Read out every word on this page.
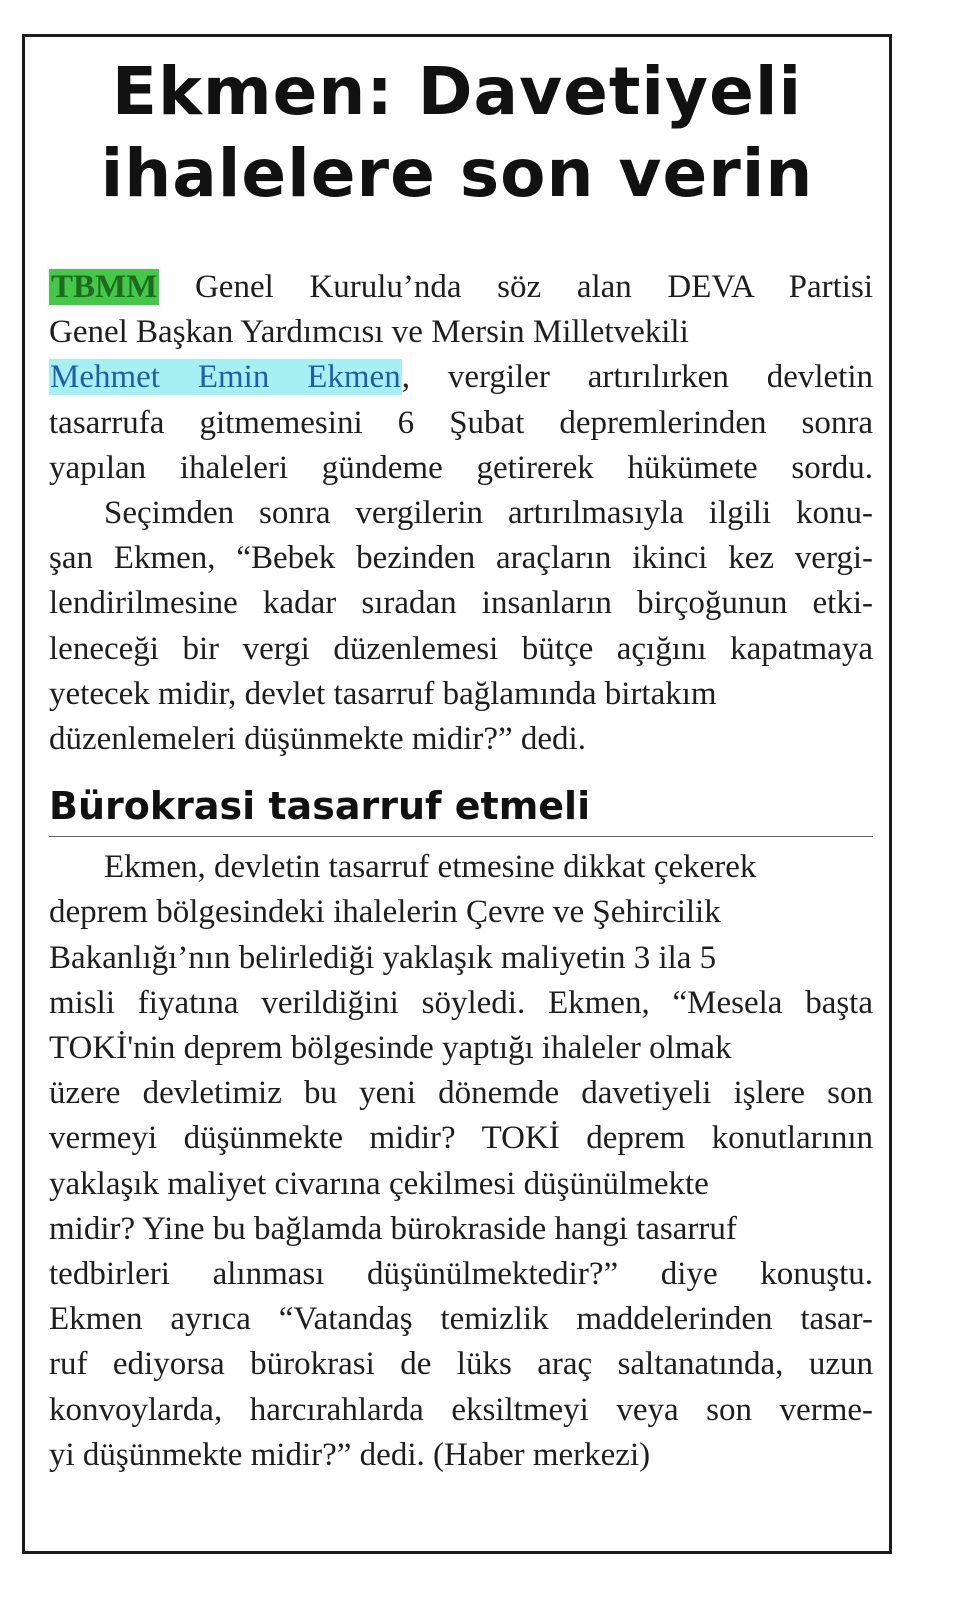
Ekmen: Davetiyeli
ihalelere son verin
TBMM Genel Kurulu’nda söz alan DEVA Partisi
Genel Başkan Yardımcısı ve Mersin Milletvekili
Mehmet Emin Ekmen, vergiler artırılırken devletin
tasarrufa gitmemesini 6 Şubat depremlerinden sonra
yapılan ihaleleri gündeme getirerek hükümete sordu.
Seçimden sonra vergilerin artırılmasıyla ilgili konu-
şan Ekmen, “Bebek bezinden araçların ikinci kez vergi-
lendirilmesine kadar sıradan insanların birçoğunun etki-
leneceği bir vergi düzenlemesi bütçe açığını kapatmaya
yetecek midir, devlet tasarruf bağlamında birtakım
düzenlemeleri düşünmekte midir?” dedi.
Bürokrasi tasarruf etmeli
Ekmen, devletin tasarruf etmesine dikkat çekerek
deprem bölgesindeki ihalelerin Çevre ve Şehircilik
Bakanlığı’nın belirlediği yaklaşık maliyetin 3 ila 5
misli fiyatına verildiğini söyledi. Ekmen, “Mesela başta
TOKİ'nin deprem bölgesinde yaptığı ihaleler olmak
üzere devletimiz bu yeni dönemde davetiyeli işlere son
vermeyi düşünmekte midir? TOKİ deprem konutlarının
yaklaşık maliyet civarına çekilmesi düşünülmekte
midir? Yine bu bağlamda bürokraside hangi tasarruf
tedbirleri alınması düşünülmektedir?” diye konuştu.
Ekmen ayrıca “Vatandaş temizlik maddelerinden tasar-
ruf ediyorsa bürokrasi de lüks araç saltanatında, uzun
konvoylarda, harcırahlarda eksiltmeyi veya son verme-
yi düşünmekte midir?” dedi. (Haber merkezi)
